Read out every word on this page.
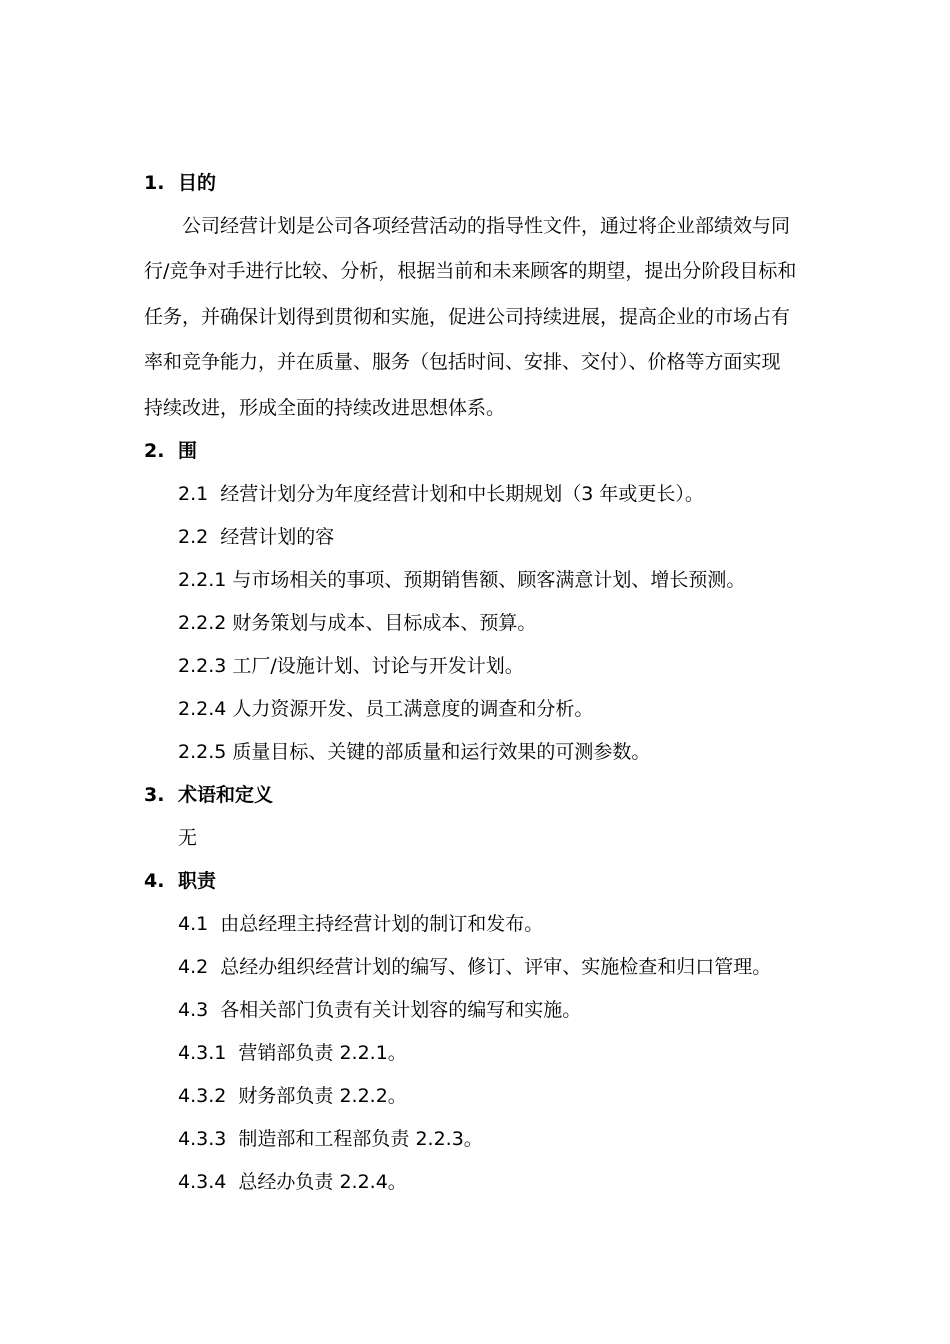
1. 目的
　　公司经营计划是公司各项经营活动的指导性文件，通过将企业部绩效与同
行/竞争对手进行比较、分析，根据当前和未来顾客的期望，提出分阶段目标和
任务，并确保计划得到贯彻和实施，促进公司持续进展，提高企业的市场占有
率和竞争能力，并在质量、服务（包括时间、安排、交付）、价格等方面实现
持续改进，形成全面的持续改进思想体系。
2. 围
2.1 经营计划分为年度经营计划和中长期规划（3 年或更长）。
2.2 经营计划的容
2.2.1 与市场相关的事项、预期销售额、顾客满意计划、增长预测。
2.2.2 财务策划与成本、目标成本、预算。
2.2.3 工厂/设施计划、讨论与开发计划。
2.2.4 人力资源开发、员工满意度的调查和分析。
2.2.5 质量目标、关键的部质量和运行效果的可测参数。
3. 术语和定义
无
4. 职责
4.1 由总经理主持经营计划的制订和发布。
4.2 总经办组织经营计划的编写、修订、评审、实施检查和归口管理。
4.3 各相关部门负责有关计划容的编写和实施。
4.3.1 营销部负责 2.2.1。
4.3.2 财务部负责 2.2.2。
4.3.3 制造部和工程部负责 2.2.3。
4.3.4 总经办负责 2.2.4。
